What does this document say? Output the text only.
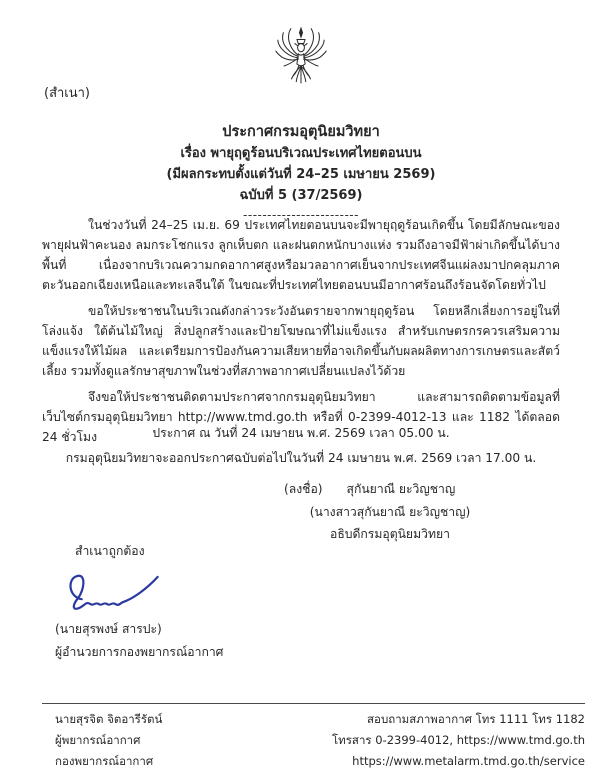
(สำเนา)
ประกาศกรมอุตุนิยมวิทยา
เรื่อง พายุฤดูร้อนบริเวณประเทศไทยตอนบน
(มีผลกระทบตั้งแต่วันที่ 24–25 เมษายน 2569)
ฉบับที่ 5 (37/2569)
------------------------

ในช่วงวันที่ 24–25 เม.ย. 69 ประเทศไทยตอนบนจะมีพายุฤดูร้อนเกิดขึ้น โดยมีลักษณะของพายุฝนฟ้าคะนอง ลมกระโชกแรง ลูกเห็บตก และฝนตกหนักบางแห่ง รวมถึงอาจมีฟ้าผ่าเกิดขึ้นได้บางพื้นที่ เนื่องจากบริเวณความกดอากาศสูงหรือมวลอากาศเย็นจากประเทศจีนแผ่ลงมาปกคลุมภาคตะวันออกเฉียงเหนือและทะเลจีนใต้ ในขณะที่ประเทศไทยตอนบนมีอากาศร้อนถึงร้อนจัดโดยทั่วไป

ขอให้ประชาชนในบริเวณดังกล่าวระวังอันตรายจากพายุฤดูร้อน โดยหลีกเลี่ยงการอยู่ในที่โล่งแจ้ง ใต้ต้นไม้ใหญ่ สิ่งปลูกสร้างและป้ายโฆษณาที่ไม่แข็งแรง สำหรับเกษตรกรควรเสริมความแข็งแรงให้ไม้ผล และเตรียมการป้องกันความเสียหายที่อาจเกิดขึ้นกับผลผลิตทางการเกษตรและสัตว์เลี้ยง รวมทั้งดูแลรักษาสุขภาพในช่วงที่สภาพอากาศเปลี่ยนแปลงไว้ด้วย

จึงขอให้ประชาชนติดตามประกาศจากกรมอุตุนิยมวิทยา และสามารถติดตามข้อมูลที่เว็บไซต์กรมอุตุนิยมวิทยา http://www.tmd.go.th หรือที่ 0-2399-4012-13 และ 1182 ได้ตลอด 24 ชั่วโมง	ประกาศ ณ วันที่ 24 เมษายน พ.ศ. 2569 เวลา 05.00 น.
กรมอุตุนิยมวิทยาจะออกประกาศฉบับต่อไปในวันที่ 24 เมษายน พ.ศ. 2569 เวลา 17.00 น.
(ลงชื่อ) สุกันยาณี ยะวิญชาญ
(นางสาวสุกันยาณี ยะวิญชาญ)
อธิบดีกรมอุตุนิยมวิทยา
สำเนาถูกต้อง
(นายสุรพงษ์ สารปะ)
ผู้อำนวยการกองพยากรณ์อากาศ
นายสุรจิต จิตอารีรัตน์
ผู้พยากรณ์อากาศ
กองพยากรณ์อากาศ
สอบถามสภาพอากาศ โทร 1111 โทร 1182
โทรสาร 0-2399-4012, https://www.tmd.go.th
https://www.metalarm.tmd.go.th/service
